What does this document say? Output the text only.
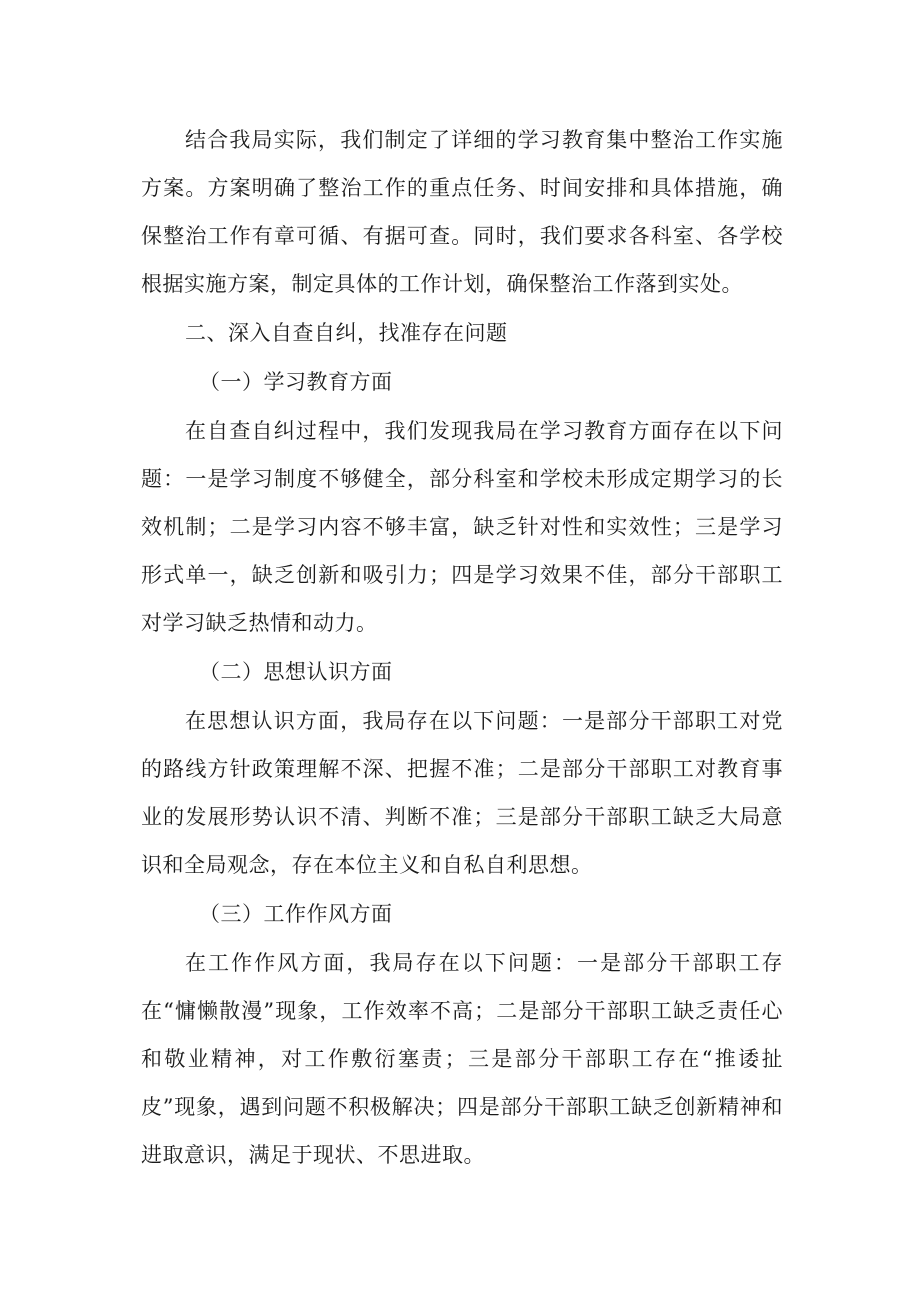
结合我局实际，我们制定了详细的学习教育集中整治工作实施方案。方案明确了整治工作的重点任务、时间安排和具体措施，确保整治工作有章可循、有据可查。同时，我们要求各科室、各学校根据实施方案，制定具体的工作计划，确保整治工作落到实处。

二、深入自查自纠，找准存在问题

（一）学习教育方面

在自查自纠过程中，我们发现我局在学习教育方面存在以下问题：一是学习制度不够健全，部分科室和学校未形成定期学习的长效机制；二是学习内容不够丰富，缺乏针对性和实效性；三是学习形式单一，缺乏创新和吸引力；四是学习效果不佳，部分干部职工对学习缺乏热情和动力。

（二）思想认识方面

在思想认识方面，我局存在以下问题：一是部分干部职工对党的路线方针政策理解不深、把握不准；二是部分干部职工对教育事业的发展形势认识不清、判断不准；三是部分干部职工缺乏大局意识和全局观念，存在本位主义和自私自利思想。

（三）工作作风方面

在工作作风方面，我局存在以下问题：一是部分干部职工存在“慵懒散漫”现象，工作效率不高；二是部分干部职工缺乏责任心和敬业精神，对工作敷衍塞责；三是部分干部职工存在“推诿扯皮”现象，遇到问题不积极解决；四是部分干部职工缺乏创新精神和进取意识，满足于现状、不思进取。
